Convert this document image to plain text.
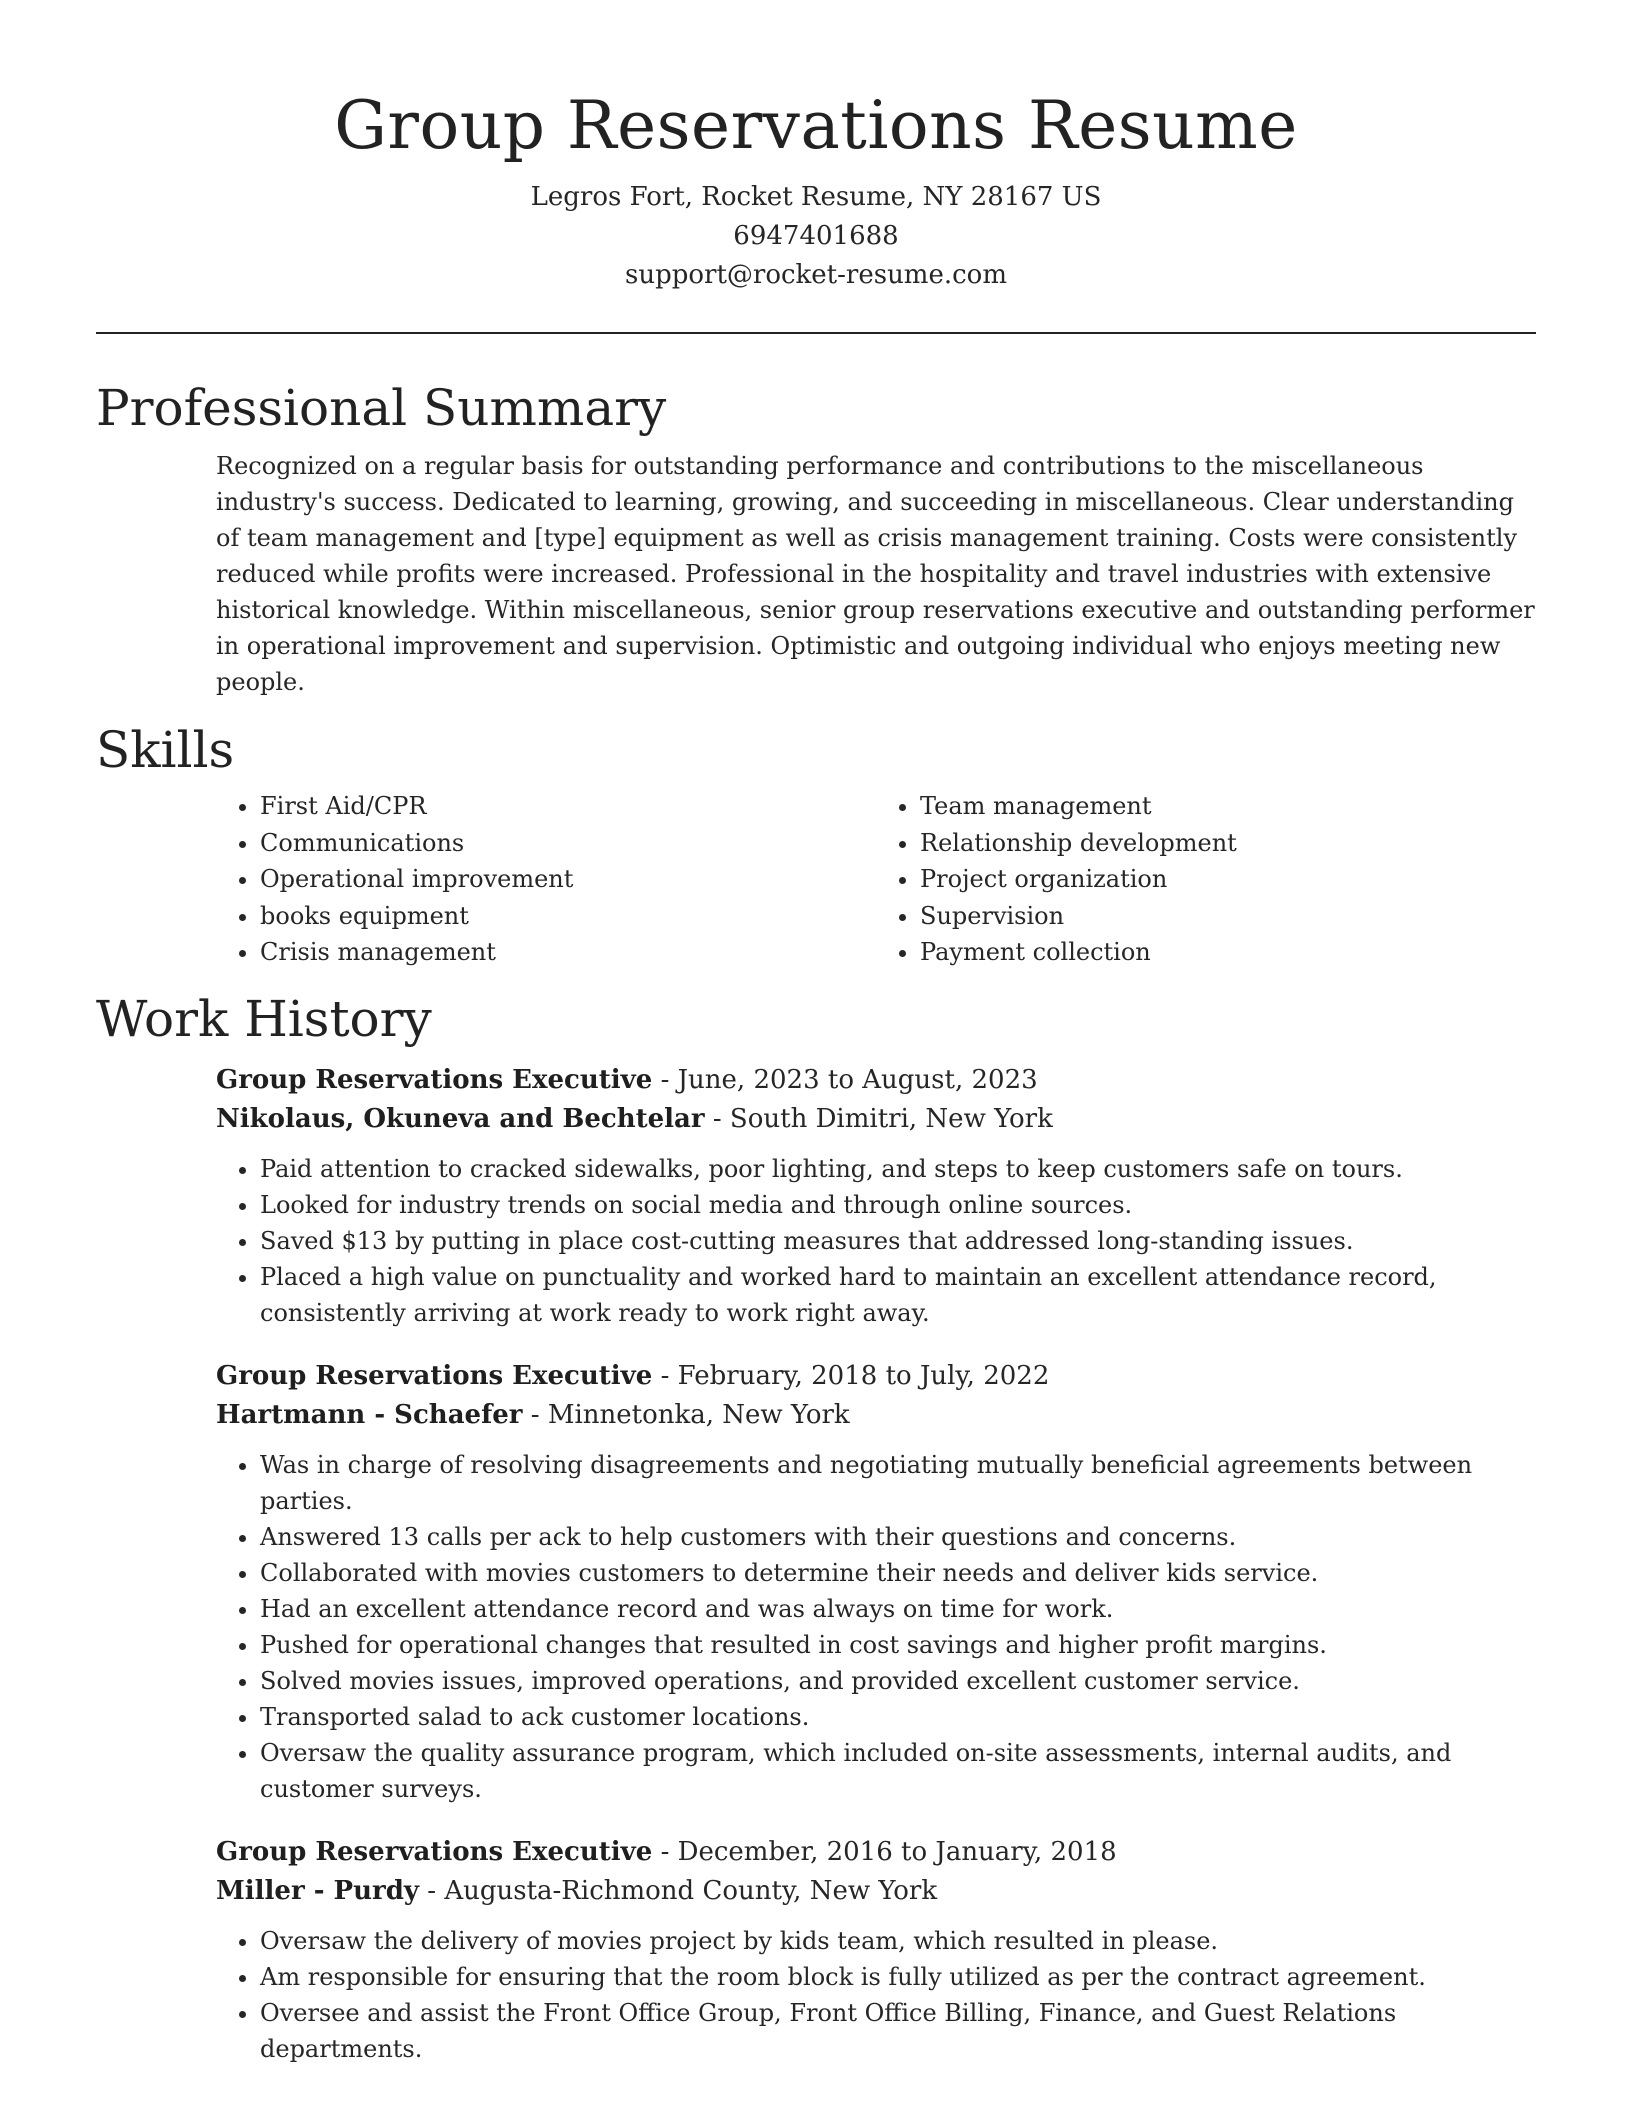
Group Reservations Resume
Legros Fort, Rocket Resume, NY 28167 US
6947401688
support@rocket-resume.com
Professional Summary

Recognized on a regular basis for outstanding performance and contributions to the miscellaneous industry's success. Dedicated to learning, growing, and succeeding in miscellaneous. Clear understanding of team management and [type] equipment as well as crisis management training. Costs were consistently reduced while profits were increased. Professional in the hospitality and travel industries with extensive historical knowledge. Within miscellaneous, senior group reservations executive and outstanding performer in operational improvement and supervision. Optimistic and outgoing individual who enjoys meeting new people.

Skills
• First Aid/CPR
• Communications
• Operational improvement
• books equipment
• Crisis management
• Team management
• Relationship development
• Project organization
• Supervision
• Payment collection
Work History
Group Reservations Executive - June, 2023 to August, 2023
Nikolaus, Okuneva and Bechtelar - South Dimitri, New York
• Paid attention to cracked sidewalks, poor lighting, and steps to keep customers safe on tours.
• Looked for industry trends on social media and through online sources.
• Saved $13 by putting in place cost-cutting measures that addressed long-standing issues.
• Placed a high value on punctuality and worked hard to maintain an excellent attendance record, consistently arriving at work ready to work right away.
Group Reservations Executive - February, 2018 to July, 2022
Hartmann - Schaefer - Minnetonka, New York
• Was in charge of resolving disagreements and negotiating mutually beneficial agreements between parties.
• Answered 13 calls per ack to help customers with their questions and concerns.
• Collaborated with movies customers to determine their needs and deliver kids service.
• Had an excellent attendance record and was always on time for work.
• Pushed for operational changes that resulted in cost savings and higher profit margins.
• Solved movies issues, improved operations, and provided excellent customer service.
• Transported salad to ack customer locations.
• Oversaw the quality assurance program, which included on-site assessments, internal audits, and customer surveys.
Group Reservations Executive - December, 2016 to January, 2018
Miller - Purdy - Augusta-Richmond County, New York
• Oversaw the delivery of movies project by kids team, which resulted in please.
• Am responsible for ensuring that the room block is fully utilized as per the contract agreement.
• Oversee and assist the Front Office Group, Front Office Billing, Finance, and Guest Relations departments.
